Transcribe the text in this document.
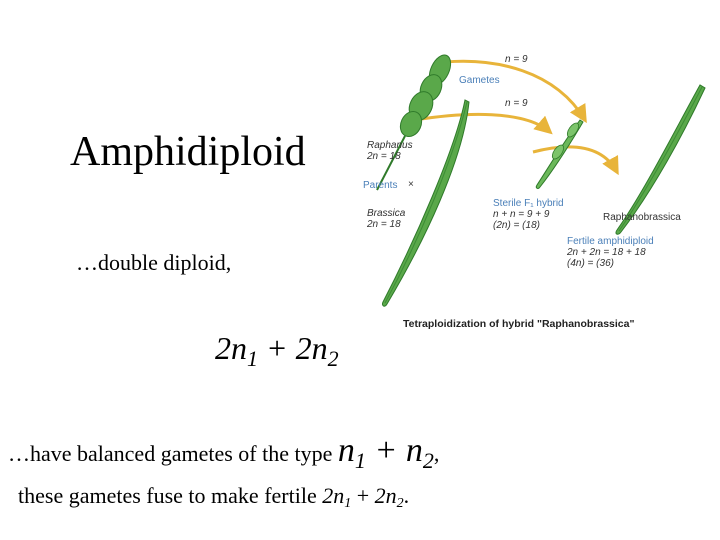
Amphidiploid
…double diploid,
$2n_1 + 2n_2$
…have balanced gametes of the type $n_1 + n_2$,
these gametes fuse to make fertile $2n_1 + 2n_2$.
n = 9
Gametes
n = 9
Raphanus
2n = 18
Parents ×
Brassica
2n = 18
Sterile F₁ hybrid
n + n = 9 + 9
(2n) = (18)
Raphanobrassica
Fertile amphidiploid
2n + 2n = 18 + 18
(4n) = (36)
Tetraploidization of hybrid "Raphanobrassica"
